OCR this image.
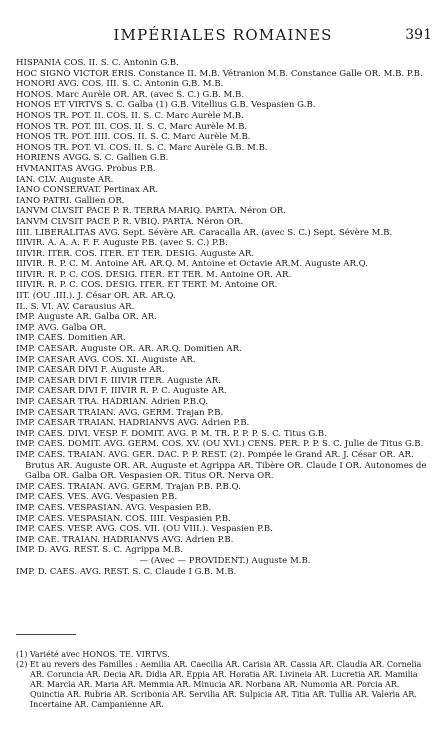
IMPÉRIALES ROMAINES	391
HISPANIA COS. II. S. C. Antonin G.B.
HOC SIGNO VICTOR ERIS. Constance II. M.B. Vétranion M.B. Constance Galle OR. M.B. P.B.
HONORI AVG. COS. III. S. C. Antonin G.B. M.B.
HONOS. Marc Aurèle OR. AR. (avec S. C.) G.B. M.B.
HONOS ET VIRTVS S. C. Galba (1) G.B. Vitellius G.B. Vespasien G.B.
HONOS TR. POT. II. COS. II. S. C. Marc Aurèle M.B.
HONOS TR. POT. III. COS. II. S. C. Marc Aurèle M.B.
HONOS TR. POT. IIII. COS. II. S. C. Marc Aurèle M.B.
HONOS TR. POT. VI. COS. II. S. C. Marc Aurèle G.B. M.B.
HORIENS AVGG. S. C. Gallien G.B.
HVMANITAS AVGG. Probus P.B.
IAN. CLV. Auguste AR.
IANO CONSERVAT. Pertinax AR.
IANO PATRI. Gallien OR.
IANVM CLVSIT PACE P. R. TERRA MARIQ. PARTA. Néron OR.
IANVM CLVSIT PACE P. R. VBIQ. PARTA. Néron OR.
IIII. LIBERALITAS AVG. Sept. Sévère AR. Caracalla AR. (avec S. C.) Sept. Sévère M.B.
IIIVIR. A. A. A. F. F. Auguste P.B. (avec S. C.) P.B.
IIIVIR. ITER. COS. ITER. ET TER. DESIG. Auguste AR.
IIIVIR. R. P. C. M. Antoine AR. AR.Q. M. Antoine et Octavie AR.M. Auguste AR.Q.
IIIVIR. R. P. C. COS. DESIG. ITER. ET TER. M. Antoine OR. AR.
IIIVIR. R. P. C. COS. DESIG. ITER. ET TERT. M. Antoine OR.
IIT. (OU .III.). J. César OR. AR. AR.Q.
IL. S. VI. AV. Carausius AR.
IMP. Auguste AR. Galba OR. AR.
IMP. AVG. Galba OR.
IMP. CAES. Domitien AR.
IMP. CAESAR. Auguste OR. AR. AR.Q. Domitien AR.
IMP. CAESAR AVG. COS. XI. Auguste AR.
IMP. CAESAR DIVI F. Auguste AR.
IMP. CAESAR DIVI F. IIIVIR ITER. Auguste AR.
IMP. CAESAR DIVI F. IIIVIR R. P. C. Auguste AR.
IMP. CAESAR TRA. HADRIAN. Adrien P.B.Q.
IMP. CAESAR TRAIAN. AVG. GERM. Trajan P.B.
IMP. CAESAR TRAIAN. HADRIANVS AVG. Adrien P.B.
IMP. CAES. DIVI. VESP. F. DOMIT. AVG. P. M. TR. P. P. P. S. C. Titus G.B.
IMP. CAES. DOMIT. AVG. GERM. COS. XV. (OU XVI.) CENS. PER. P. P. S. C. Julie de Titus G.B.
IMP. CAES. TRAIAN. AVG. GER. DAC. P. P. REST. (2). Pompée le Grand AR. J. César OR. AR. Brutus AR. Auguste OR. AR. Auguste et Agrippa AR. Tibère OR. Claude I OR. Autonomes de Galba OR. Galba OR. Vespasien OR. Titus OR. Nerva OR.
IMP. CAES. TRAIAN. AVG. GERM. Trajan P.B. P.B.Q.
IMP. CAES. VES. AVG. Vespasien P.B.
IMP. CAES. VESPASIAN. AVG. Vespasien P.B.
IMP. CAES. VESPASIAN. COS. IIII. Vespasien P.B.
IMP. CAES. VESP. AVG. COS. VII. (OU VIII.). Vespasien P.B.
IMP. CAE. TRAIAN. HADRIANVS AVG. Adrien P.B.
IMP. D. AVG. REST. S. C. Agrippa M.B.
— (Avec — PROVIDENT.) Auguste M.B.
IMP. D. CAES. AVG. REST. S. C. Claude I G.B. M.B.
(1) Variété avec HONOS. TE. VIRTVS.
(2) Et au revers des Familles : Aemilia AR. Caecilia AR. Carisia AR. Cassia AR. Claudia AR. Cornelia AR. Coruncia AR. Decia AR. Didia AR. Eppia AR. Horatia AR. Livineia AR. Lucretia AR. Mamilia AR. Marcia AR. Maria AR. Memmia AR. Minucia AR. Norbana AR. Numonia AR. Porcia AR. Quinctia AR. Rubria AR. Scribonia AR. Servilia AR. Sulpicia AR. Titia AR. Tullia AR. Valeria AR. Incertaine AR. Campanienne AR.
